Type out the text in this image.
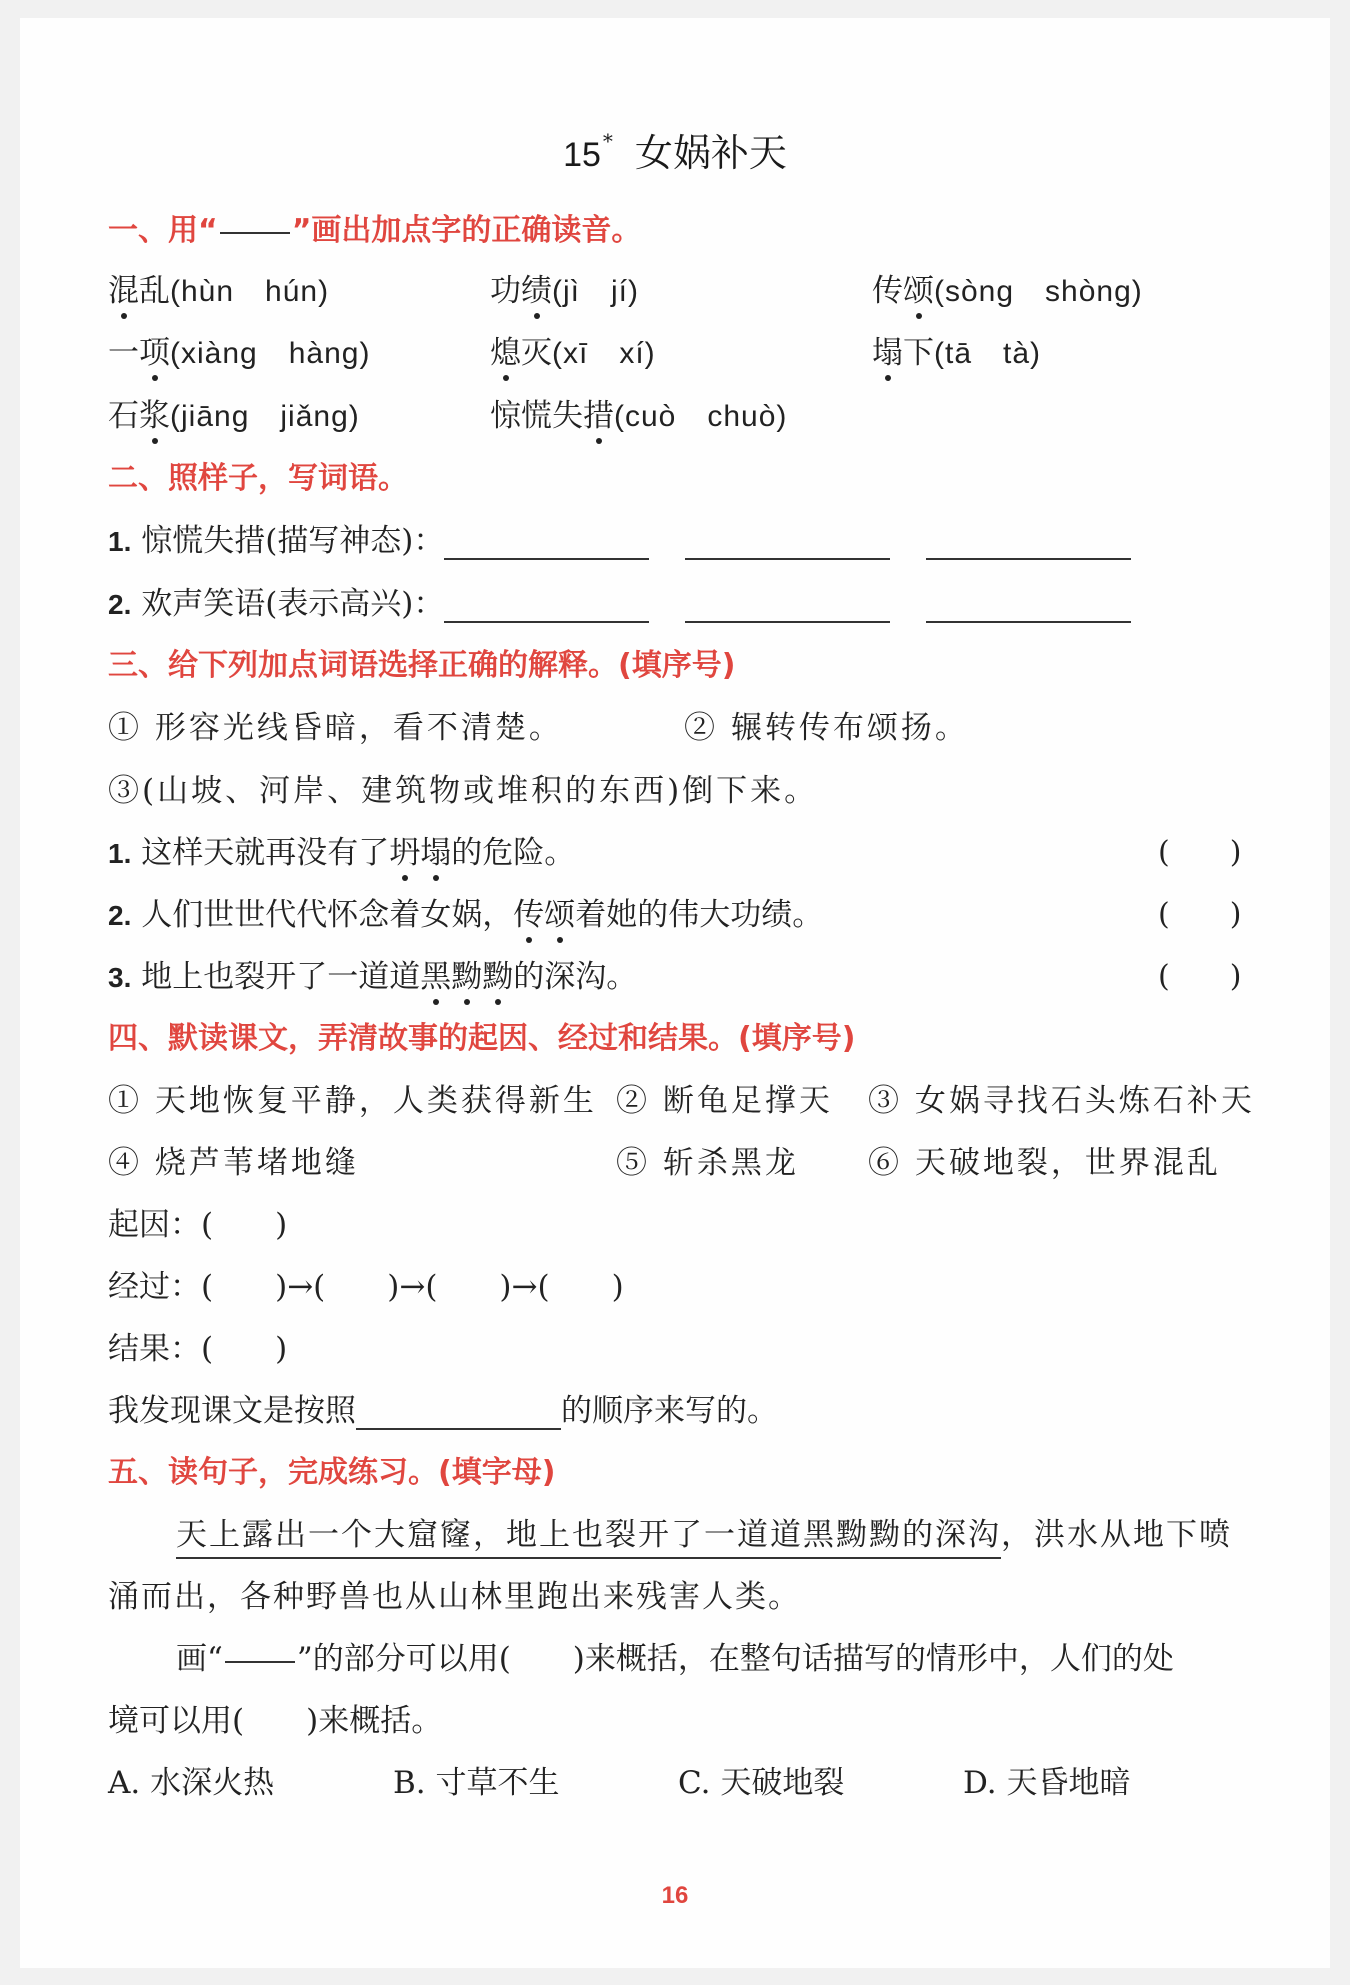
15 * 女娲补天
一、用“ ”画出加点字的正确读音。
混乱(hùn　hún)	功绩(jì　jí)	传颂(sòng　shòng)
一项(xiàng　hàng)	熄灭(xī　xí)	塌下(tā　tà)
石浆(jiāng　jiǎng)	惊慌失措(cuò　chuò)
二、照样子，写词语。
1. 惊慌失措(描写神态)：
2. 欢声笑语(表示高兴)：
三、给下列加点词语选择正确的解释。(填序号)
① 形容光线昏暗，看不清楚。	② 辗转传布颂扬。
③(山坡、河岸、建筑物或堆积的东西)倒下来。
1. 这样天就再没有了坍塌的危险。	(　　)
2. 人们世世代代怀念着女娲，传颂着她的伟大功绩。	(　　)
3. 地上也裂开了一道道黑黝黝的深沟。	(　　)
四、默读课文，弄清故事的起因、经过和结果。(填序号)
① 天地恢复平静，人类获得新生 ② 断龟足撑天 ③ 女娲寻找石头炼石补天
④ 烧芦苇堵地缝	⑤ 斩杀黑龙 ⑥ 天破地裂，世界混乱
起因：(　　)
经过：(　　)→(　　)→(　　)→(　　)
结果：(　　)
我发现课文是按照	的顺序来写的。
五、读句子，完成练习。(填字母)
天上露出一个大窟窿，地上也裂开了一道道黑黝黝的深沟，洪水从地下喷
涌而出，各种野兽也从山林里跑出来残害人类。
画“ ”的部分可以用(　　)来概括，在整句话描写的情形中，人们的处
境可以用(　　)来概括。
A. 水深火热	B. 寸草不生	C. 天破地裂	D. 天昏地暗
16
